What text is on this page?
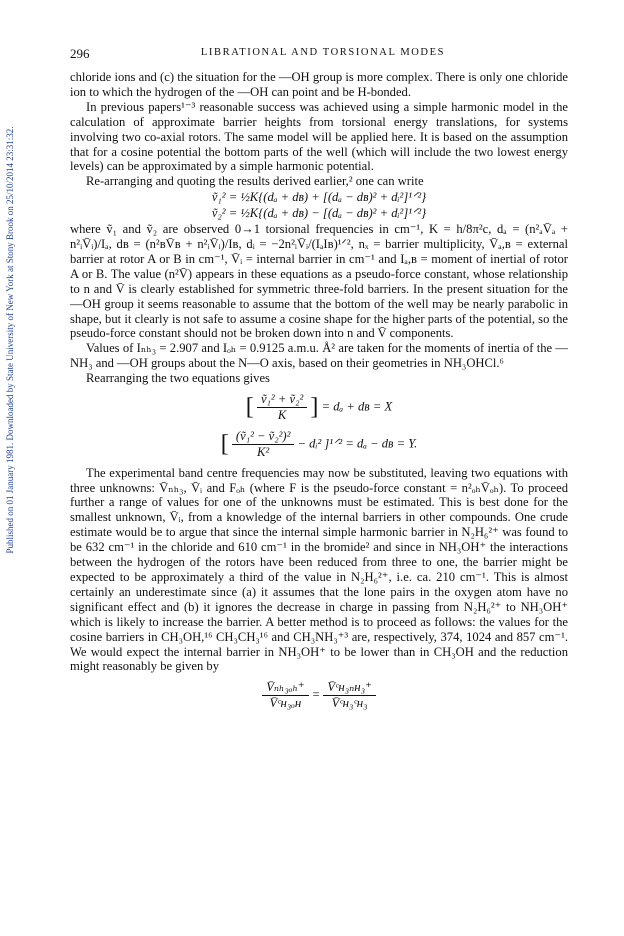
Published on 01 January 1981. Downloaded by State University of New York at Stony Brook on 25/10/2014 23:31:32.
296	LIBRATIONAL AND TORSIONAL MODES

chloride ions and (c) the situation for the —OH group is more complex. There is only one chloride ion to which the hydrogen of the —OH can point and be H-bonded.

In previous papers¹⁻³ reasonable success was achieved using a simple harmonic model in the calculation of approximate barrier heights from torsional energy translations, for systems involving two co-axial rotors. The same model will be applied here. It is based on the assumption that for a cosine potential the bottom parts of the well (which will include the two lowest energy levels) can be approximated by a simple harmonic potential.

Re-arranging and quoting the results derived earlier,² one can write

ṽ₁² = ½K{(dₐ + dʙ) + [(dₐ − dʙ)² + dᵢ²]¹ᐟ²}
ṽ₂² = ½K{(dₐ + dʙ) − [(dₐ − dʙ)² + dᵢ²]¹ᐟ²}

where ṽ₁ and ṽ₂ are observed 0→1 torsional frequencies in cm⁻¹, K = h/8π²c, dₐ = (n²ₐV̄ₐ + n²ᵢV̄ᵢ)/Iₐ, dʙ = (n²ʙV̄ʙ + n²ᵢV̄ᵢ)/Iʙ, dᵢ = −2n²ᵢV̄ᵢ/(IₐIʙ)¹ᐟ², nₓ = barrier multiplicity, V̄ₐ,ʙ = external barrier at rotor A or B in cm⁻¹, V̄ᵢ = internal barrier in cm⁻¹ and Iₐ,ʙ = moment of inertial of rotor A or B. The value (n²V̄) appears in these equations as a pseudo-force constant, whose relationship to n and V̄ is clearly established for symmetric three-fold barriers. In the present situation for the —OH group it seems reasonable to assume that the bottom of the well may be nearly parabolic in shape, but it clearly is not safe to assume a cosine shape for the higher parts of the potential, so the pseudo-force constant should not be broken down into n and V̄ components.

Values of Iₙₕ₃ = 2.907 and Iₒₕ = 0.9125 a.m.u. Å² are taken for the moments of inertia of the —NH₃ and —OH groups about the N—O axis, based on their geometries in NH₃OHCl.⁶

Rearranging the two equations gives

[ $\frac{\text{ṽ₁² + ṽ₂²}}{K}$ ] = dₐ + dʙ = X
[ $\frac{\text{(ṽ₁² − ṽ₂²)²}}{\text{K²}}$ − dᵢ² ]¹ᐟ² = dₐ − dʙ = Y.

The experimental band centre frequencies may now be substituted, leaving two equations with three unknowns: V̄ₙₕ₃, V̄ᵢ and Fₒₕ (where F is the pseudo-force constant = n²ₒₕV̄ₒₕ). To proceed further a range of values for one of the unknowns must be estimated. This is best done for the smallest unknown, V̄ᵢ, from a knowledge of the internal barriers in other compounds. One crude estimate would be to argue that since the internal simple harmonic barrier in N₂H₆²⁺ was found to be 632 cm⁻¹ in the chloride and 610 cm⁻¹ in the bromide² and since in NH₃OH⁺ the interactions between the hydrogen of the rotors have been reduced from three to one, the barrier might be expected to be approximately a third of the value in N₂H₆²⁺, i.e. ca. 210 cm⁻¹. This is almost certainly an underestimate since (a) it assumes that the lone pairs in the oxygen atom have no significant effect and (b) it ignores the decrease in charge in passing from N₂H₆²⁺ to NH₃OH⁺ which is likely to increase the barrier. A better method is to proceed as follows: the values for the cosine barriers in CH₃OH,¹⁶ CH₃CH₃¹⁶ and CH₃NH₃⁺³ are, respectively, 374, 1024 and 857 cm⁻¹. We would expect the internal barrier in NH₃OH⁺ to be lower than in CH₃OH and the reduction might reasonably be given by

$\frac{\text{V̄ₙₕ₃ₒₕ⁺}}{\text{V̄ᶜʜ₃ₒʜ}} = \frac{\text{V̄ᶜʜ₃ₙʜ₃⁺}}{\text{V̄ᶜʜ₃ᶜʜ₃}}$
